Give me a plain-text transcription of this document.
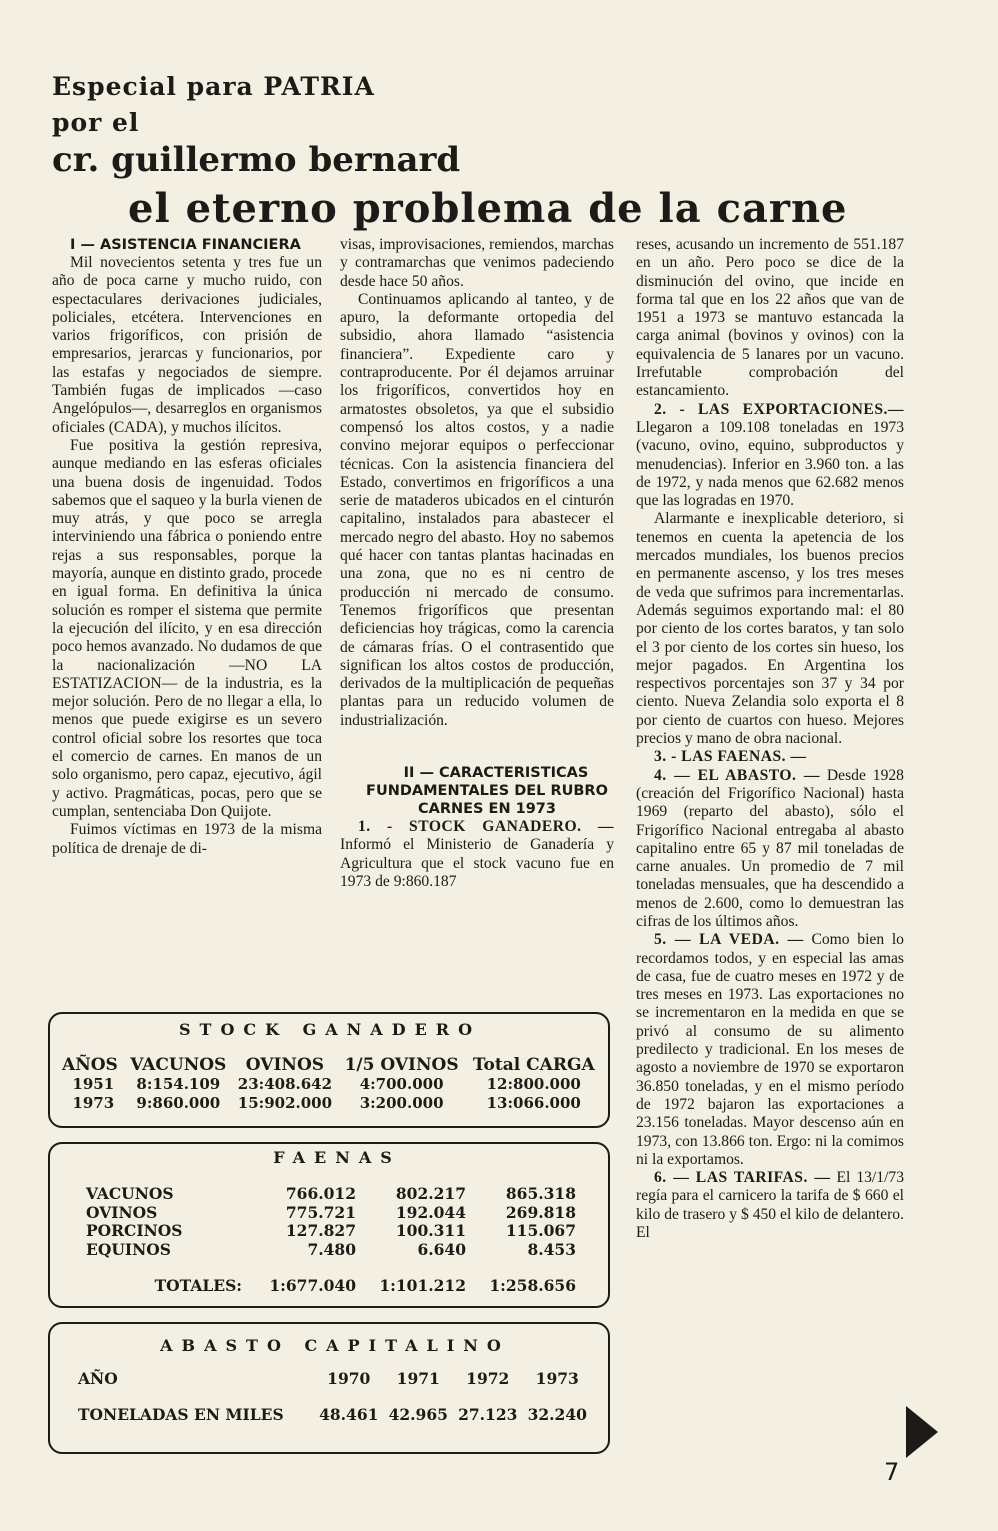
Especial para PATRIA
por el
cr. guillermo bernard
el eterno problema de la carne

I — ASISTENCIA FINANCIERA

Mil novecientos setenta y tres fue un año de poca carne y mucho ruido, con espectaculares derivaciones judiciales, policiales, etcétera. Intervenciones en varios frigoríficos, con prisión de empresarios, jerarcas y funcionarios, por las estafas y negociados de siempre. También fugas de implicados —caso Angelópulos—, desarreglos en organismos oficiales (CADA), y muchos ilícitos.

Fue positiva la gestión represiva, aunque mediando en las esferas oficiales una buena dosis de ingenuidad. Todos sabemos que el saqueo y la burla vienen de muy atrás, y que poco se arregla interviniendo una fábrica o poniendo entre rejas a sus responsables, porque la mayoría, aunque en distinto grado, procede en igual forma. En definitiva la única solución es romper el sistema que permite la ejecución del ilícito, y en esa dirección poco hemos avanzado. No dudamos de que la nacionalización —NO LA ESTATIZACION— de la industria, es la mejor solución. Pero de no llegar a ella, lo menos que puede exigirse es un severo control oficial sobre los resortes que toca el comercio de carnes. En manos de un solo organismo, pero capaz, ejecutivo, ágil y activo. Pragmáticas, pocas, pero que se cumplan, sentenciaba Don Quijote.

Fuimos víctimas en 1973 de la misma política de drenaje de di-

visas, improvisaciones, remiendos, marchas y contramarchas que venimos padeciendo desde hace 50 años.

Continuamos aplicando al tanteo, y de apuro, la deformante ortopedia del subsidio, ahora llamado “asistencia financiera”. Expediente caro y contraproducente. Por él dejamos arruinar los frigoríficos, convertidos hoy en armatostes obsoletos, ya que el subsidio compensó los altos costos, y a nadie convino mejorar equipos o perfeccionar técnicas. Con la asistencia financiera del Estado, convertimos en frigoríficos a una serie de mataderos ubicados en el cinturón capitalino, instalados para abastecer el mercado negro del abasto. Hoy no sabemos qué hacer con tantas plantas hacinadas en una zona, que no es ni centro de producción ni mercado de consumo. Tenemos frigoríficos que presentan deficiencias hoy trágicas, como la carencia de cámaras frías. O el contrasentido que significan los altos costos de producción, derivados de la multiplicación de pequeñas plantas para un reducido volumen de industrialización.

II — CARACTERISTICAS FUNDAMENTALES DEL RUBRO CARNES EN 1973

1. - STOCK GANADERO. — Informó el Ministerio de Ganadería y Agricultura que el stock vacuno fue en 1973 de 9:860.187

reses, acusando un incremento de 551.187 en un año. Pero poco se dice de la disminución del ovino, que incide en forma tal que en los 22 años que van de 1951 a 1973 se mantuvo estancada la carga animal (bovinos y ovinos) con la equivalencia de 5 lanares por un vacuno. Irrefutable comprobación del estancamiento.

2. - LAS EXPORTACIONES.— Llegaron a 109.108 toneladas en 1973 (vacuno, ovino, equino, subproductos y menudencias). Inferior en 3.960 ton. a las de 1972, y nada menos que 62.682 menos que las logradas en 1970.

Alarmante e inexplicable deterioro, si tenemos en cuenta la apetencia de los mercados mundiales, los buenos precios en permanente ascenso, y los tres meses de veda que sufrimos para incrementarlas. Además seguimos exportando mal: el 80 por ciento de los cortes baratos, y tan solo el 3 por ciento de los cortes sin hueso, los mejor pagados. En Argentina los respectivos porcentajes son 37 y 34 por ciento. Nueva Zelandia solo exporta el 8 por ciento de cuartos con hueso. Mejores precios y mano de obra nacional.

3. - LAS FAENAS. —

4. — EL ABASTO. — Desde 1928 (creación del Frigorífico Nacional) hasta 1969 (reparto del abasto), sólo el Frigorífico Nacional entregaba al abasto capitalino entre 65 y 87 mil toneladas de carne anuales. Un promedio de 7 mil toneladas mensuales, que ha descendido a menos de 2.600, como lo demuestran las cifras de los últimos años.

5. — LA VEDA. — Como bien lo recordamos todos, y en especial las amas de casa, fue de cuatro meses en 1972 y de tres meses en 1973. Las exportaciones no se incrementaron en la medida en que se privó al consumo de su alimento predilecto y tradicional. En los meses de agosto a noviembre de 1970 se exportaron 36.850 toneladas, y en el mismo período de 1972 bajaron las exportaciones a 23.156 toneladas. Mayor descenso aún en 1973, con 13.866 ton. Ergo: ni la comimos ni la exportamos.

6. — LAS TARIFAS. — El 13/1/73 regía para el carnicero la tarifa de $ 660 el kilo de trasero y $ 450 el kilo de delantero. El

STOCK GANADERO

AÑOS	VACUNOS	OVINOS	1/5 OVINOS	Total CARGA
1951	8:154.109	23:408.642	4:700.000	12:800.000
1973	9:860.000	15:902.000	3:200.000	13:066.000

FAENAS

VACUNOS	766.012	802.217	865.318
OVINOS	775.721	192.044	269.818
PORCINOS	127.827	100.311	115.067
EQUINOS	7.480	6.640	8.453

TOTALES:	1:677.040	1:101.212	1:258.656

ABASTO CAPITALINO

AÑO	1970	1971	1972	1973

TONELADAS EN MILES	48.461	42.965	27.123	32.240
7
